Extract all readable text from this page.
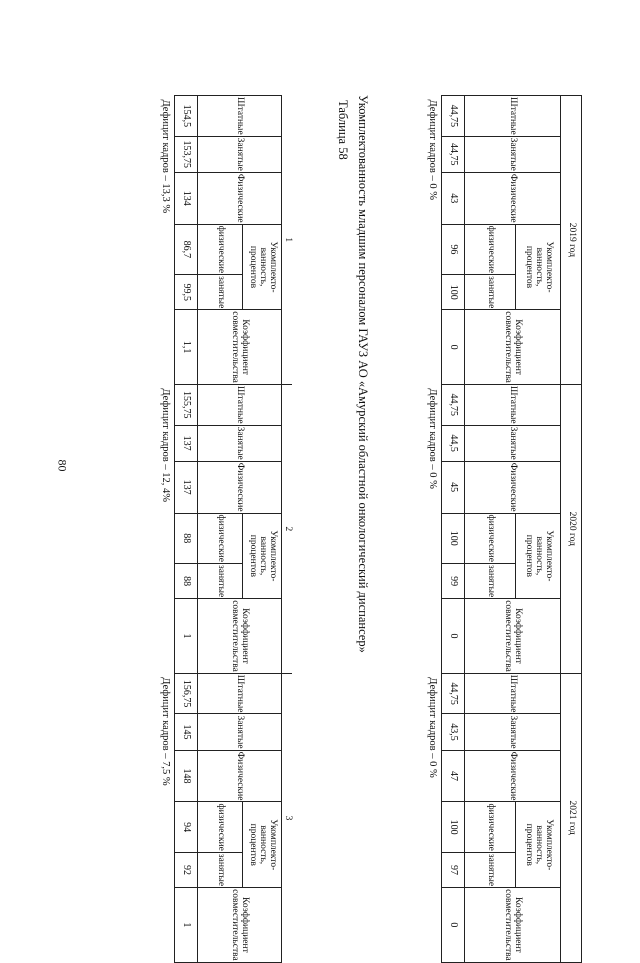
80
1						2						3					
Штатные	Занятые	Физические	Укомплекто-ванность, процентов		Коэффициент совместительства	Штатные	Занятые	Физические	Укомплекто-ванность, процентов		Коэффициент совместительства	Штатные	Занятые	Физические	Укомплекто-ванность, процентов		Коэффициент совместительства
			физические	занятые					физические	занятые					физические	занятые	
154,5	153,75	134	86,7	99,5	1,1	155,75	137	137	88	88	1	156,75	145	148	94	92	1
Дефицит кадров – 13,3 %						Дефицит кадров – 12, 4%						Дефицит кадров – 7,5 %					
Таблица 58 Укомплектованность младшим персоналом ГАУЗ АО «Амурский областной онкологический диспансер»	2019 год						2020 год						2021 год					
Штатные	Занятые	Физические	Укомплекто-ванность, процентов		Коэффициент совместительства	Штатные	Занятые	Физические	Укомплекто-ванность, процентов		Коэффициент совместительства	Штатные	Занятые	Физические	Укомплекто-ванность, процентов		Коэффициент совместительства
			физические	занятые					физические	занятые					физические	занятые	
44,75	44,75	43	96	100	0	44,75	44,5	45	100	99	0	44,75	43,5	47	100	97	0
Дефицит кадров – 0 %						Дефицит кадров – 0 %						Дефицит кадров – 0 %					
